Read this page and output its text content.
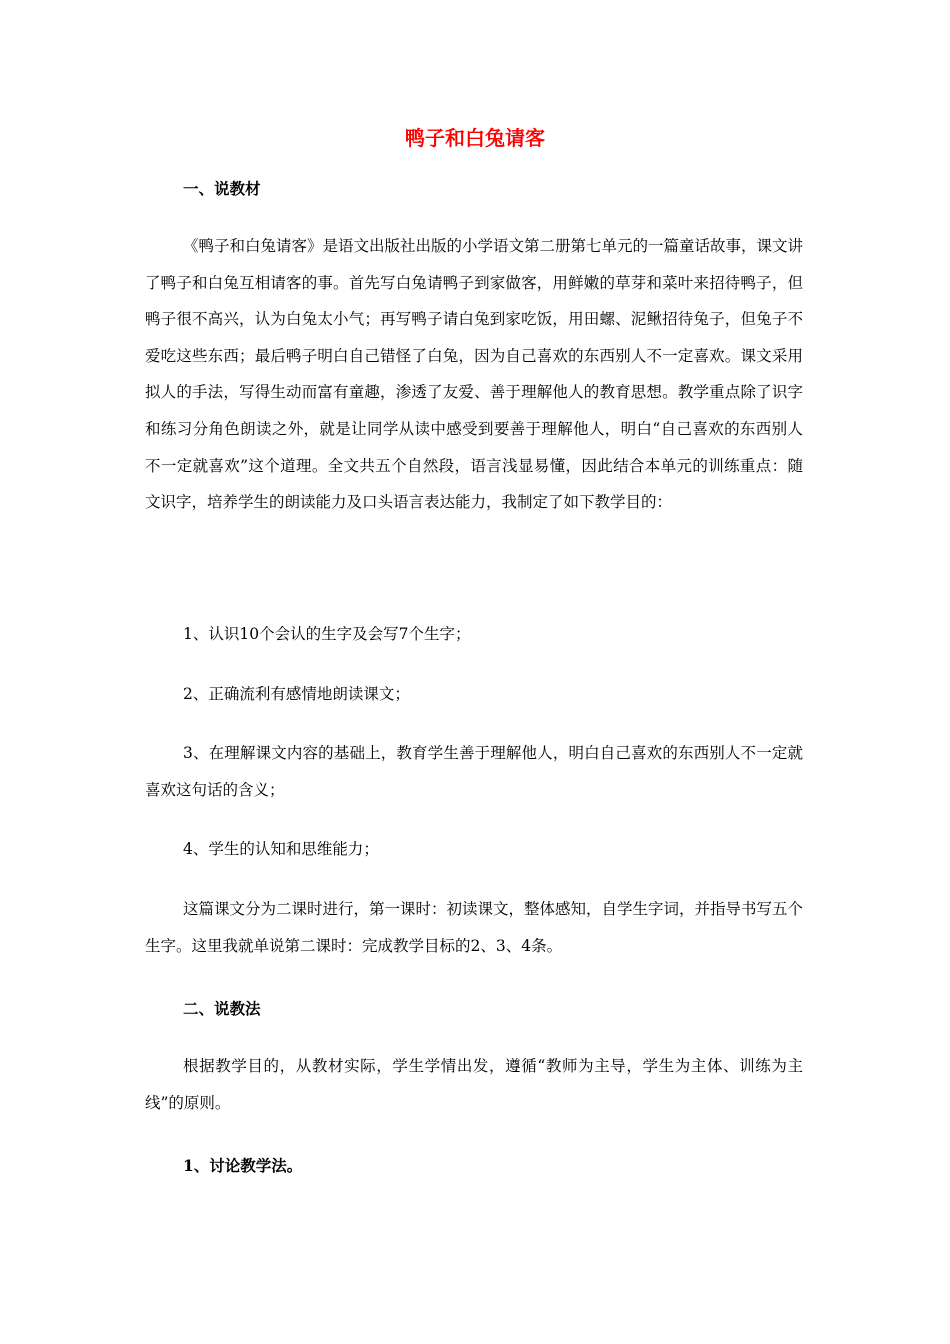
鸭子和白兔请客
一、说教材
《鸭子和白兔请客》是语文出版社出版的小学语文第二册第七单元的一篇童话故事，课文讲了鸭子和白兔互相请客的事。首先写白兔请鸭子到家做客，用鲜嫩的草芽和菜叶来招待鸭子，但鸭子很不高兴，认为白兔太小气；再写鸭子请白兔到家吃饭，用田螺、泥鳅招待兔子，但兔子不爱吃这些东西；最后鸭子明白自己错怪了白兔，因为自己喜欢的东西别人不一定喜欢。课文采用拟人的手法，写得生动而富有童趣，渗透了友爱、善于理解他人的教育思想。教学重点除了识字和练习分角色朗读之外，就是让同学从读中感受到要善于理解他人，明白“自己喜欢的东西别人不一定就喜欢”这个道理。全文共五个自然段，语言浅显易懂，因此结合本单元的训练重点：随文识字，培养学生的朗读能力及口头语言表达能力，我制定了如下教学目的：
1、认识10个会认的生字及会写7个生字；
2、正确流利有感情地朗读课文；
3、在理解课文内容的基础上，教育学生善于理解他人，明白自己喜欢的东西别人不一定就喜欢这句话的含义；
4、学生的认知和思维能力；
这篇课文分为二课时进行，第一课时：初读课文，整体感知，自学生字词，并指导书写五个生字。这里我就单说第二课时：完成教学目标的2、3、4条。
二、说教法
根据教学目的，从教材实际，学生学情出发，遵循“教师为主导，学生为主体、训练为主线”的原则。
1、讨论教学法。
